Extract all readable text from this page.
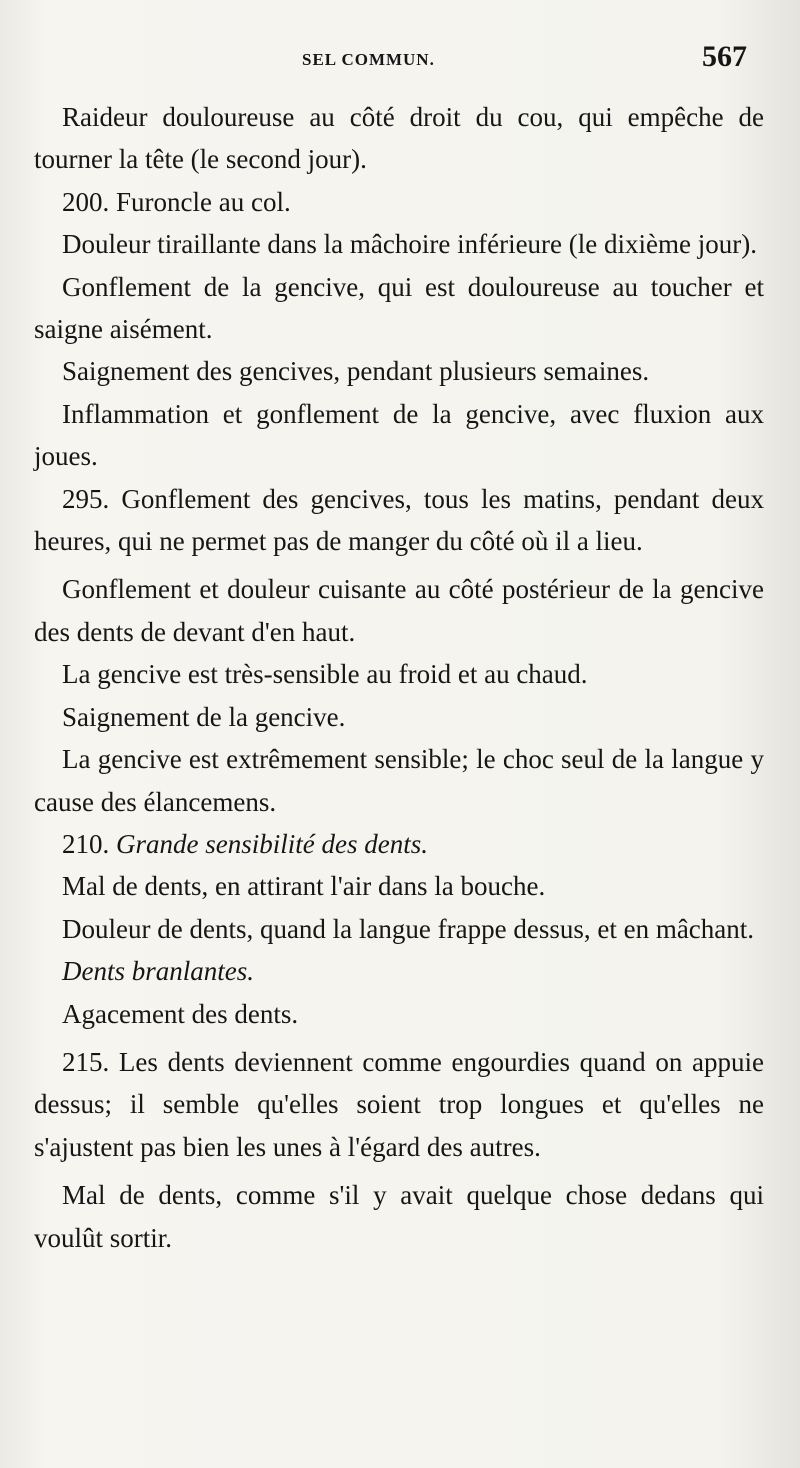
SEL COMMUN.	567

Raideur douloureuse au côté droit du cou, qui empêche de tourner la tête (le second jour).

200. Furoncle au col.

Douleur tiraillante dans la mâchoire inférieure (le dixième jour).

Gonflement de la gencive, qui est douloureuse au toucher et saigne aisément.

Saignement des gencives, pendant plusieurs semaines.

Inflammation et gonflement de la gencive, avec fluxion aux joues.

295. Gonflement des gencives, tous les matins, pendant deux heures, qui ne permet pas de manger du côté où il a lieu.

Gonflement et douleur cuisante au côté postérieur de la gencive des dents de devant d'en haut.

La gencive est très-sensible au froid et au chaud.

Saignement de la gencive.

La gencive est extrêmement sensible; le choc seul de la langue y cause des élancemens.

210. Grande sensibilité des dents.

Mal de dents, en attirant l'air dans la bouche.

Douleur de dents, quand la langue frappe dessus, et en mâchant.

Dents branlantes.

Agacement des dents.

215. Les dents deviennent comme engourdies quand on appuie dessus; il semble qu'elles soient trop longues et qu'elles ne s'ajustent pas bien les unes à l'égard des autres.

Mal de dents, comme s'il y avait quelque chose dedans qui voulût sortir.
